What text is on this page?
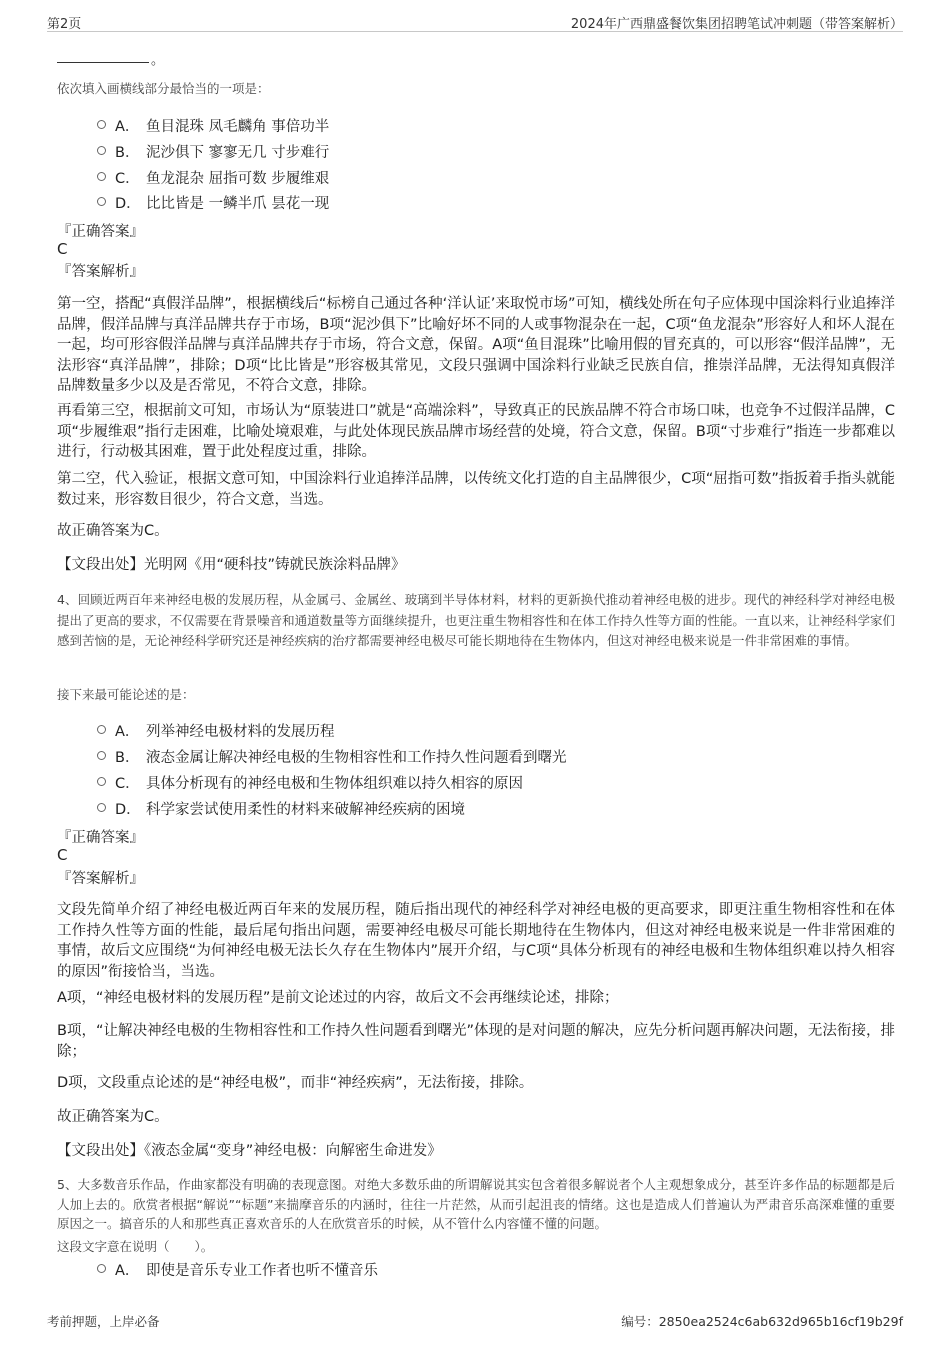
第2页	2024年广西鼎盛餐饮集团招聘笔试冲刺题（带答案解析）
。
依次填入画横线部分最恰当的一项是：
A． 鱼目混珠 凤毛麟角 事倍功半
B． 泥沙俱下 寥寥无几 寸步难行
C． 鱼龙混杂 屈指可数 步履维艰
D． 比比皆是 一鳞半爪 昙花一现
『正确答案』
C
『答案解析』

第一空，搭配“真假洋品牌”，根据横线后“标榜自己通过各种‘洋认证’来取悦市场”可知，横线处所在句子应体现中国涂料行业追捧洋品牌，假洋品牌与真洋品牌共存于市场，B项“泥沙俱下”比喻好坏不同的人或事物混杂在一起，C项“鱼龙混杂”形容好人和坏人混在一起，均可形容假洋品牌与真洋品牌共存于市场，符合文意，保留。A项“鱼目混珠”比喻用假的冒充真的，可以形容“假洋品牌”，无法形容“真洋品牌”，排除；D项“比比皆是”形容极其常见，文段只强调中国涂料行业缺乏民族自信，推崇洋品牌，无法得知真假洋品牌数量多少以及是否常见，不符合文意，排除。

再看第三空，根据前文可知，市场认为“原装进口”就是“高端涂料”，导致真正的民族品牌不符合市场口味，也竞争不过假洋品牌，C项“步履维艰”指行走困难，比喻处境艰难，与此处体现民族品牌市场经营的处境，符合文意，保留。B项“寸步难行”指连一步都难以进行，行动极其困难，置于此处程度过重，排除。

第二空，代入验证，根据文意可知，中国涂料行业追捧洋品牌，以传统文化打造的自主品牌很少，C项“屈指可数”指扳着手指头就能数过来，形容数目很少，符合文意，当选。

故正确答案为C。

【文段出处】光明网《用“硬科技”铸就民族涂料品牌》

4、回顾近两百年来神经电极的发展历程，从金属弓、金属丝、玻璃到半导体材料，材料的更新换代推动着神经电极的进步。现代的神经科学对神经电极提出了更高的要求，不仅需要在背景噪音和通道数量等方面继续提升，也更注重生物相容性和在体工作持久性等方面的性能。一直以来，让神经科学家们感到苦恼的是，无论神经科学研究还是神经疾病的治疗都需要神经电极尽可能长期地待在生物体内，但这对神经电极来说是一件非常困难的事情。

接下来最可能论述的是：
A． 列举神经电极材料的发展历程
B． 液态金属让解决神经电极的生物相容性和工作持久性问题看到曙光
C． 具体分析现有的神经电极和生物体组织难以持久相容的原因
D． 科学家尝试使用柔性的材料来破解神经疾病的困境
『正确答案』
C
『答案解析』

文段先简单介绍了神经电极近两百年来的发展历程，随后指出现代的神经科学对神经电极的更高要求，即更注重生物相容性和在体工作持久性等方面的性能，最后尾句指出问题，需要神经电极尽可能长期地待在生物体内，但这对神经电极来说是一件非常困难的事情，故后文应围绕“为何神经电极无法长久存在生物体内”展开介绍，与C项“具体分析现有的神经电极和生物体组织难以持久相容的原因”衔接恰当，当选。

A项，“神经电极材料的发展历程”是前文论述过的内容，故后文不会再继续论述，排除；

B项，“让解决神经电极的生物相容性和工作持久性问题看到曙光”体现的是对问题的解决，应先分析问题再解决问题，无法衔接，排除；

D项，文段重点论述的是“神经电极”，而非“神经疾病”，无法衔接，排除。

故正确答案为C。

【文段出处】《液态金属“变身”神经电极：向解密生命进发》

5、大多数音乐作品，作曲家都没有明确的表现意图。对绝大多数乐曲的所谓解说其实包含着很多解说者个人主观想象成分，甚至许多作品的标题都是后人加上去的。欣赏者根据“解说”“标题”来揣摩音乐的内涵时，往往一片茫然，从而引起沮丧的情绪。这也是造成人们普遍认为严肃音乐高深难懂的重要原因之一。搞音乐的人和那些真正喜欢音乐的人在欣赏音乐的时候，从不管什么内容懂不懂的问题。

这段文字意在说明（　　）。
A． 即使是音乐专业工作者也听不懂音乐
考前押题，上岸必备	编号：2850ea2524c6ab632d965b16cf19b29f
